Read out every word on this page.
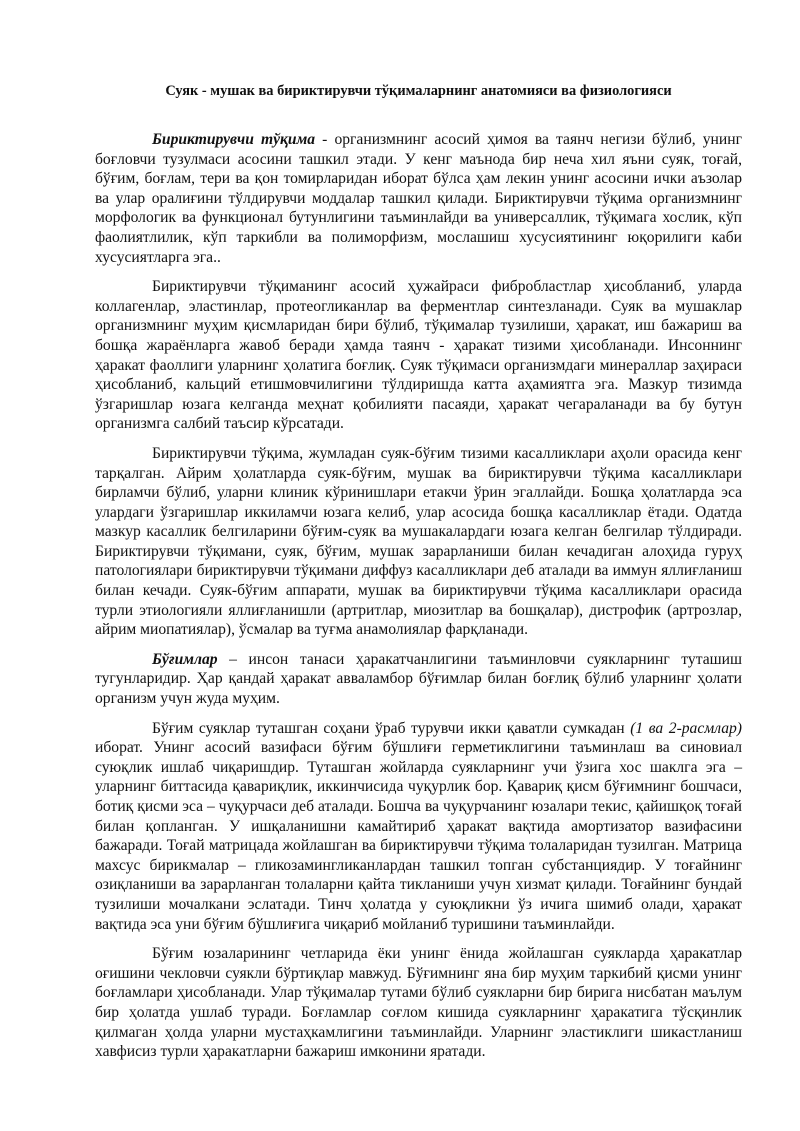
Суяк - мушак ва бириктирувчи тўқималарнинг анатомияси ва физиологияси

Бириктирувчи тўқима - организмнинг асосий ҳимоя ва таянч негизи бўлиб, унинг боғловчи тузулмаси асосини ташкил этади. У кенг маънода бир неча хил яъни суяк, тоғай, бўғим, боғлам, тери ва қон томирларидан иборат бўлса ҳам лекин унинг асосини ички аъзолар ва улар оралиғини тўлдирувчи моддалар ташкил қилади. Бириктирувчи тўқима организмнинг морфологик ва функционал бутунлигини таъминлайди ва универсаллик, тўқимага хослик, кўп фаолиятлилик, кўп таркибли ва полиморфизм, мослашиш хусусиятининг юқорилиги каби хусусиятларга эга..

Бириктирувчи тўқиманинг асосий ҳужайраси фибробластлар ҳисобланиб, уларда коллагенлар, эластинлар, протеогликанлар ва ферментлар синтезланади. Суяк ва мушаклар организмнинг муҳим қисмларидан бири бўлиб, тўқималар тузилиши, ҳаракат, иш бажариш ва бошқа жараёнларга жавоб беради ҳамда таянч - ҳаракат тизими ҳисобланади. Инсоннинг ҳаракат фаоллиги уларнинг ҳолатига боғлиқ. Суяк тўқимаси организмдаги минераллар заҳираси ҳисобланиб, кальций етишмовчилигини тўлдиришда катта аҳамиятга эга. Мазкур тизимда ўзгаришлар юзага келганда меҳнат қобилияти пасаяди, ҳаракат чегараланади ва бу бутун организмга салбий таъсир кўрсатади.

Бириктирувчи тўқима, жумладан суяк-бўғим тизими касалликлари аҳоли орасида кенг тарқалган. Айрим ҳолатларда суяк-бўғим, мушак ва бириктирувчи тўқима касалликлари бирламчи бўлиб, уларни клиник кўринишлари етакчи ўрин эгаллайди. Бошқа ҳолатларда эса улардаги ўзгаришлар иккиламчи юзага келиб, улар асосида бошқа касалликлар ётади. Одатда мазкур касаллик белгиларини бўғим-суяк ва мушакалардаги юзага келган белгилар тўлдиради. Бириктирувчи тўқимани, суяк, бўғим, мушак зарарланиши билан кечадиган алоҳида гуруҳ патологиялари бириктирувчи тўқимани диффуз касалликлари деб аталади ва иммун яллиғланиш билан кечади. Суяк-бўғим аппарати, мушак ва бириктирувчи тўқима касалликлари орасида турли этиологияли яллиғланишли (артритлар, миозитлар ва бошқалар), дистрофик (артрозлар, айрим миопатиялар), ўсмалар ва туғма анамолиялар фарқланади.

Бўғимлар – инсон танаси ҳаракатчанлигини таъминловчи суякларнинг туташиш тугунларидир. Ҳар қандай ҳаракат авваламбор бўғимлар билан боғлиқ бўлиб уларнинг ҳолати организм учун жуда муҳим.

Бўғим суяклар туташган соҳани ўраб турувчи икки қаватли сумкадан (1 ва 2-расмлар) иборат. Унинг асосий вазифаси бўғим бўшлиғи герметиклигини таъминлаш ва синовиал суюқлик ишлаб чиқаришдир. Туташган жойларда суякларнинг учи ўзига хос шаклга эга – уларнинг биттасида қавариқлик, иккинчисида чуқурлик бор. Қавариқ қисм бўғимнинг бошчаси, ботиқ қисми эса – чуқурчаси деб аталади. Бошча ва чуқурчанинг юзалари текис, қайишқоқ тоғай билан қопланган. У ишқаланишни камайтириб ҳаракат вақтида амортизатор вазифасини бажаради. Тоғай матрицада жойлашган ва бириктирувчи тўқима толаларидан тузилган. Матрица махсус бирикмалар – гликозамингликанлардан ташкил топган субстанциядир. У тоғайнинг озиқланиши ва зарарланган толаларни қайта тикланиши учун хизмат қилади. Тоғайнинг бундай тузилиши мочалкани эслатади. Тинч ҳолатда у суюқликни ўз ичига шимиб олади, ҳаракат вақтида эса уни бўғим бўшлиғига чиқариб мойланиб туришини таъминлайди.

Бўғим юзаларининг четларида ёки унинг ёнида жойлашган суякларда ҳаракатлар оғишини чекловчи суякли бўртиқлар мавжуд. Бўғимнинг яна бир муҳим таркибий қисми унинг боғламлари ҳисобланади. Улар тўқималар тутами бўлиб суякларни бир бирига нисбатан маълум бир ҳолатда ушлаб туради. Боғламлар соғлом кишида суякларнинг ҳаракатига тўсқинлик қилмаган ҳолда уларни мустаҳкамлигини таъминлайди. Уларнинг эластиклиги шикастланиш хавфисиз турли ҳаракатларни бажариш имконини яратади.
